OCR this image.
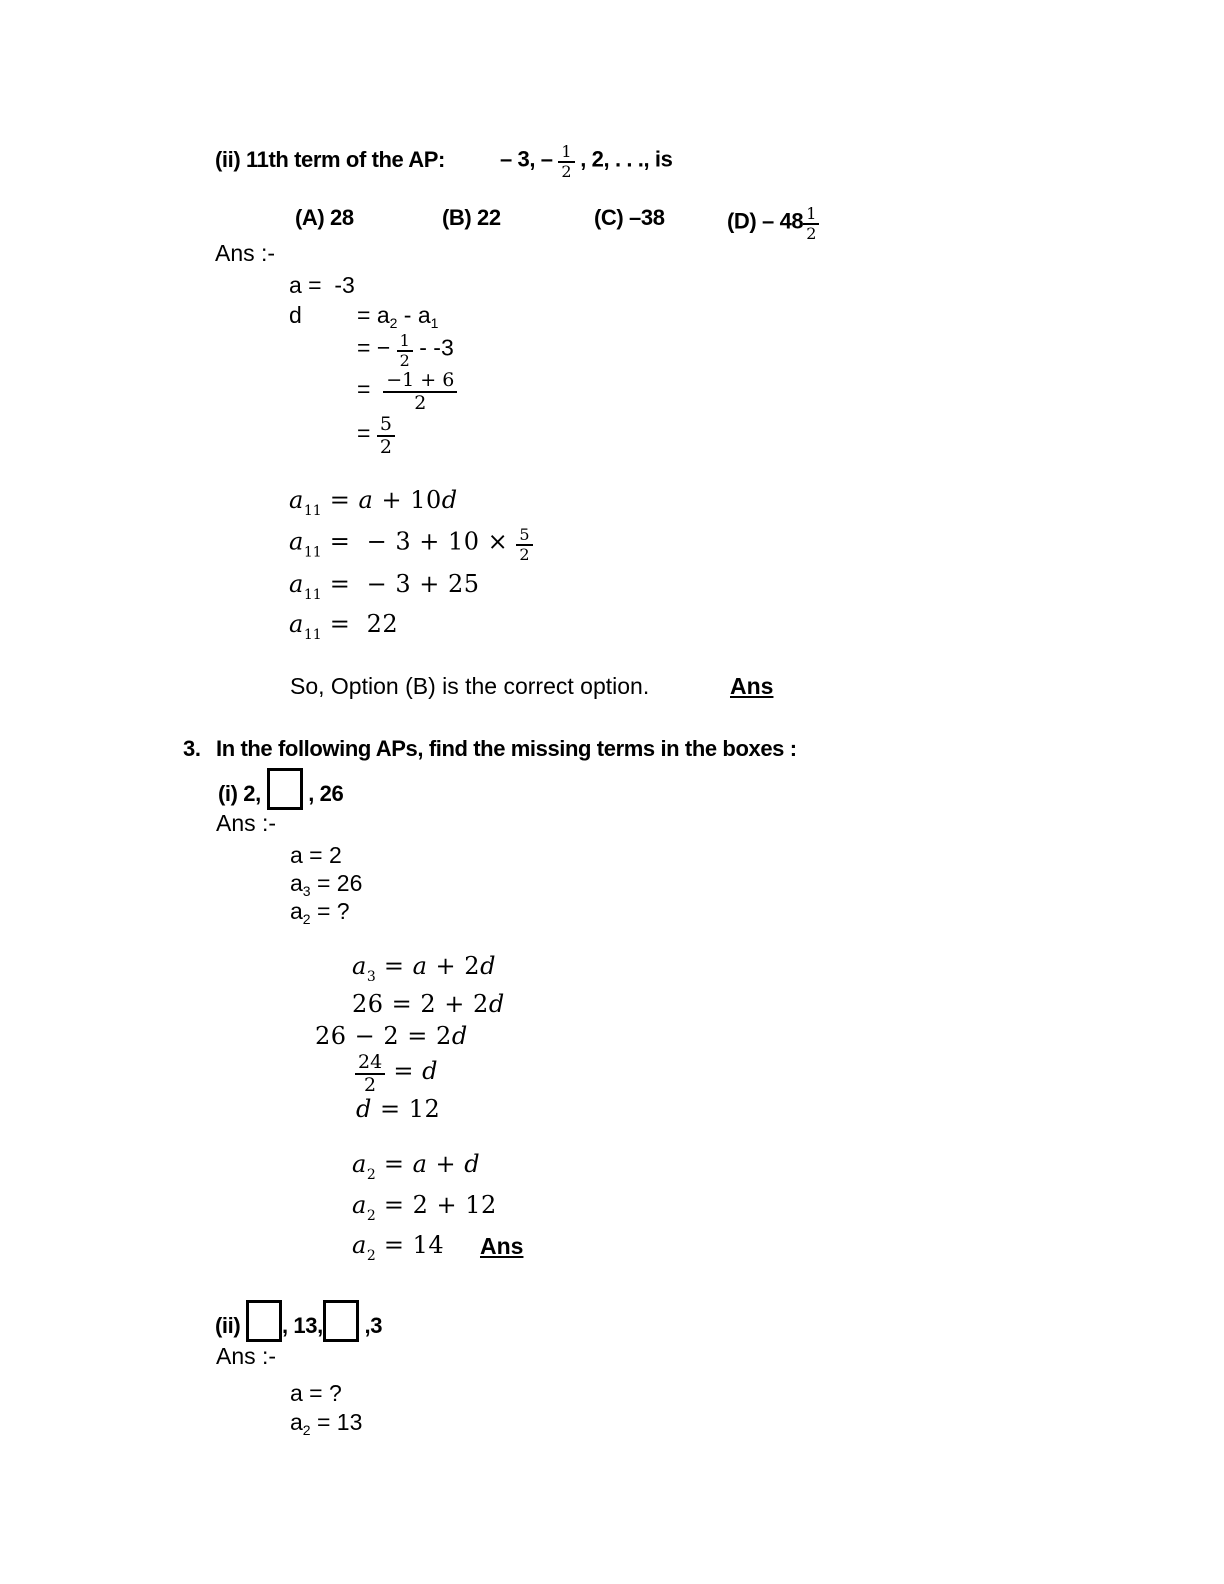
(ii) 11th term of the AP:	– 3, – $\frac{1}{2}$ , 2, . . ., is
(A) 28	(B) 22	(C) –38	$(D) - 48 \frac{1}{2}$
Ans :-
a =  -3
$d = a_2 - a_1$
= − $\frac{1}{2} - -3$
= $\frac{-1 + 6}{2}$
= $\frac{5}{2}$
$a_{11} = a + 10d$
$a_{11}$ =  − $3 + 10 \times \frac{5}{2}$
$a_{11}$ =  − 3 + 25
$a_{11} = 22$
So, Option (B) is the correct option.	Ans
3. In the following APs, find the missing terms in the boxes :
(i) 2,  , 26
Ans :-
a = 2
$a_3 = 26$
$a_2$ = ?
$a_3 = a + 2d$
26 = 2 + 2d
26 − 2 = 2d
$\frac{24}{2} = d$
d = 12
$a_2 = a + d$
$a_2 = 2 + 12$
$a_2 = 14$ Ans
(ii) , 13, ,3
Ans :-
a = ?
$a_2 = 13$
